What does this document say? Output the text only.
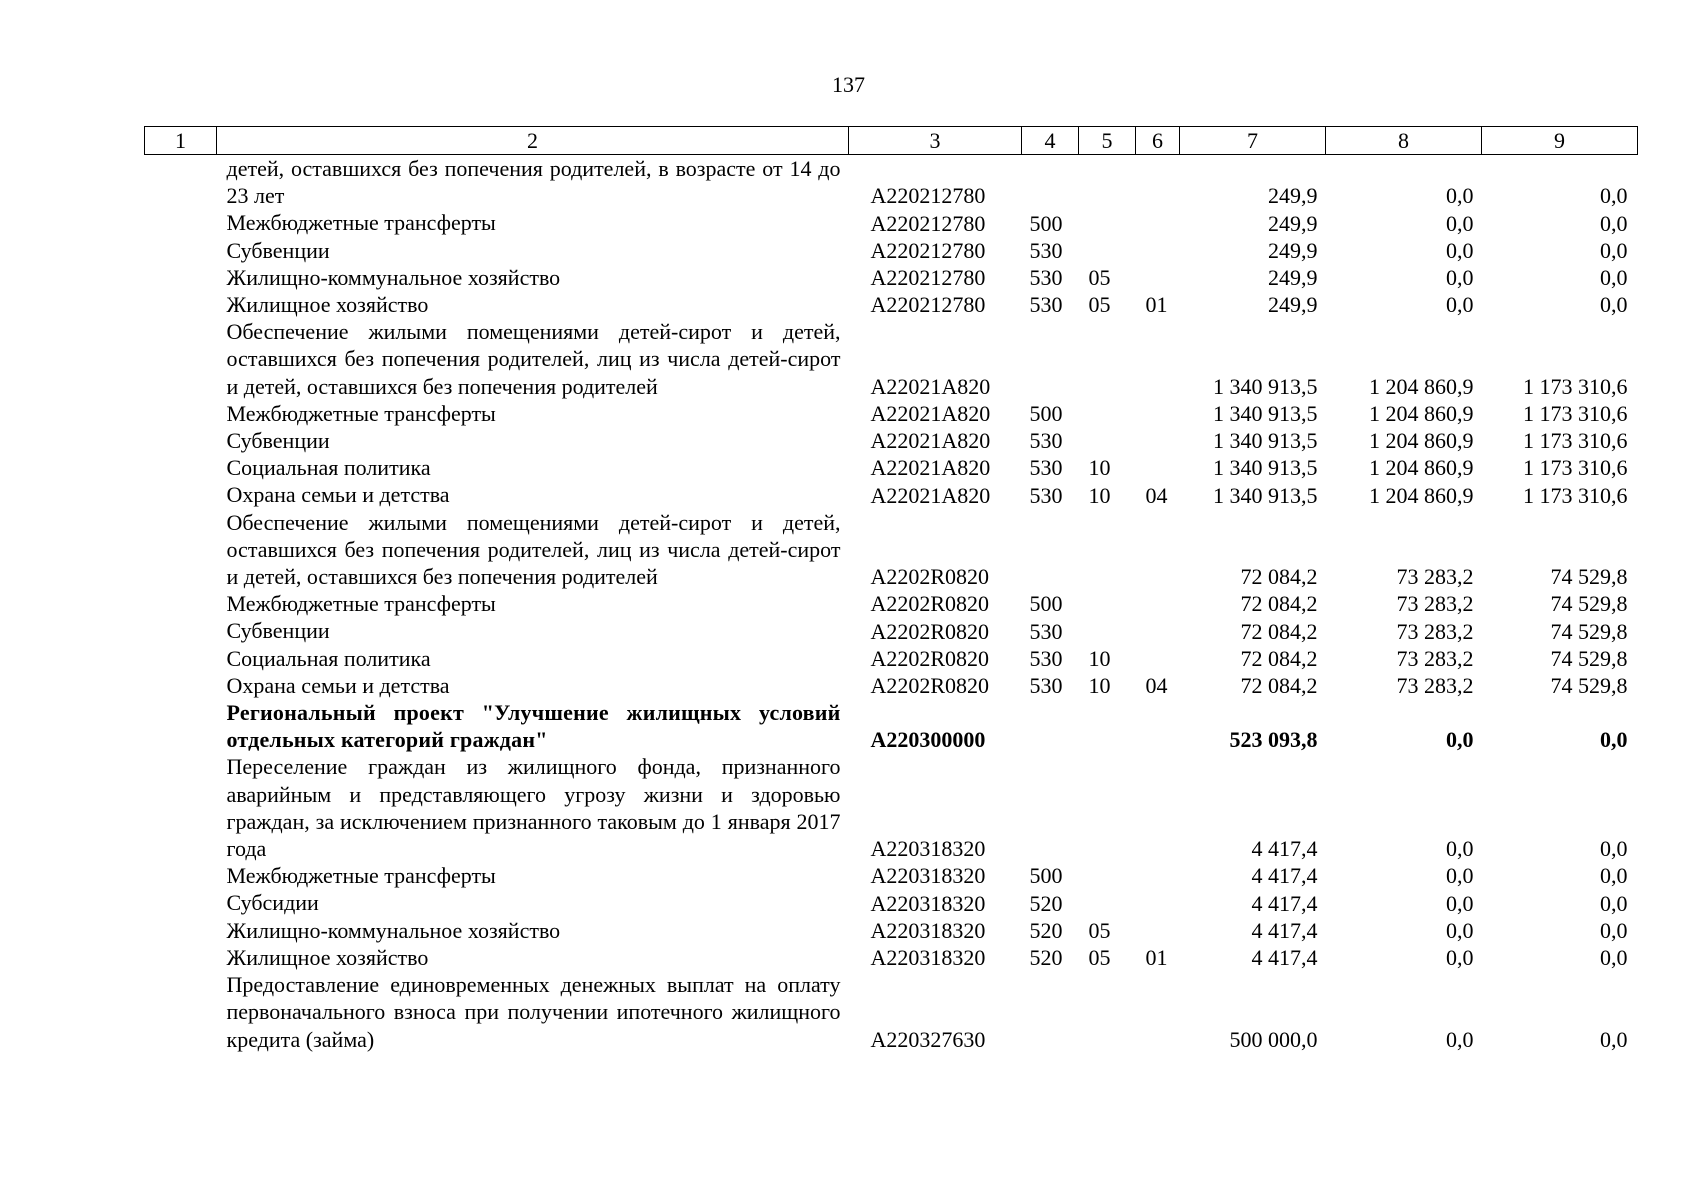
137
1	2	3	4	5	6	7	8	9
	детей, оставшихся без попечения родителей, в возрасте от 14 до 23 лет	А220212780				249,9	0,0	0,0
	Межбюджетные трансферты	А220212780	500			249,9	0,0	0,0
	Субвенции	А220212780	530			249,9	0,0	0,0
	Жилищно-коммунальное хозяйство	А220212780	530	05		249,9	0,0	0,0
	Жилищное хозяйство	А220212780	530	05	01	249,9	0,0	0,0
	Обеспечение жилыми помещениями детей-сирот и детей, оставшихся без попечения родителей, лиц из числа детей-сирот и детей, оставшихся без попечения родителей	А22021А820				1 340 913,5	1 204 860,9	1 173 310,6
	Межбюджетные трансферты	А22021А820	500			1 340 913,5	1 204 860,9	1 173 310,6
	Субвенции	А22021А820	530			1 340 913,5	1 204 860,9	1 173 310,6
	Социальная политика	А22021А820	530	10		1 340 913,5	1 204 860,9	1 173 310,6
	Охрана семьи и детства	А22021А820	530	10	04	1 340 913,5	1 204 860,9	1 173 310,6
	Обеспечение жилыми помещениями детей-сирот и детей, оставшихся без попечения родителей, лиц из числа детей-сирот и детей, оставшихся без попечения родителей	А2202R0820				72 084,2	73 283,2	74 529,8
	Межбюджетные трансферты	А2202R0820	500			72 084,2	73 283,2	74 529,8
	Субвенции	А2202R0820	530			72 084,2	73 283,2	74 529,8
	Социальная политика	А2202R0820	530	10		72 084,2	73 283,2	74 529,8
	Охрана семьи и детства	А2202R0820	530	10	04	72 084,2	73 283,2	74 529,8
	Региональный проект "Улучшение жилищных условий отдельных категорий граждан"	А220300000				523 093,8	0,0	0,0
	Переселение граждан из жилищного фонда, признанного аварийным и представляющего угрозу жизни и здоровью граждан, за исключением признанного таковым до 1 января 2017 года	А220318320				4 417,4	0,0	0,0
	Межбюджетные трансферты	А220318320	500			4 417,4	0,0	0,0
	Субсидии	А220318320	520			4 417,4	0,0	0,0
	Жилищно-коммунальное хозяйство	А220318320	520	05		4 417,4	0,0	0,0
	Жилищное хозяйство	А220318320	520	05	01	4 417,4	0,0	0,0
	Предоставление единовременных денежных выплат на оплату первоначального взноса при получении ипотечного жилищного кредита (займа)	А220327630				500 000,0	0,0	0,0
